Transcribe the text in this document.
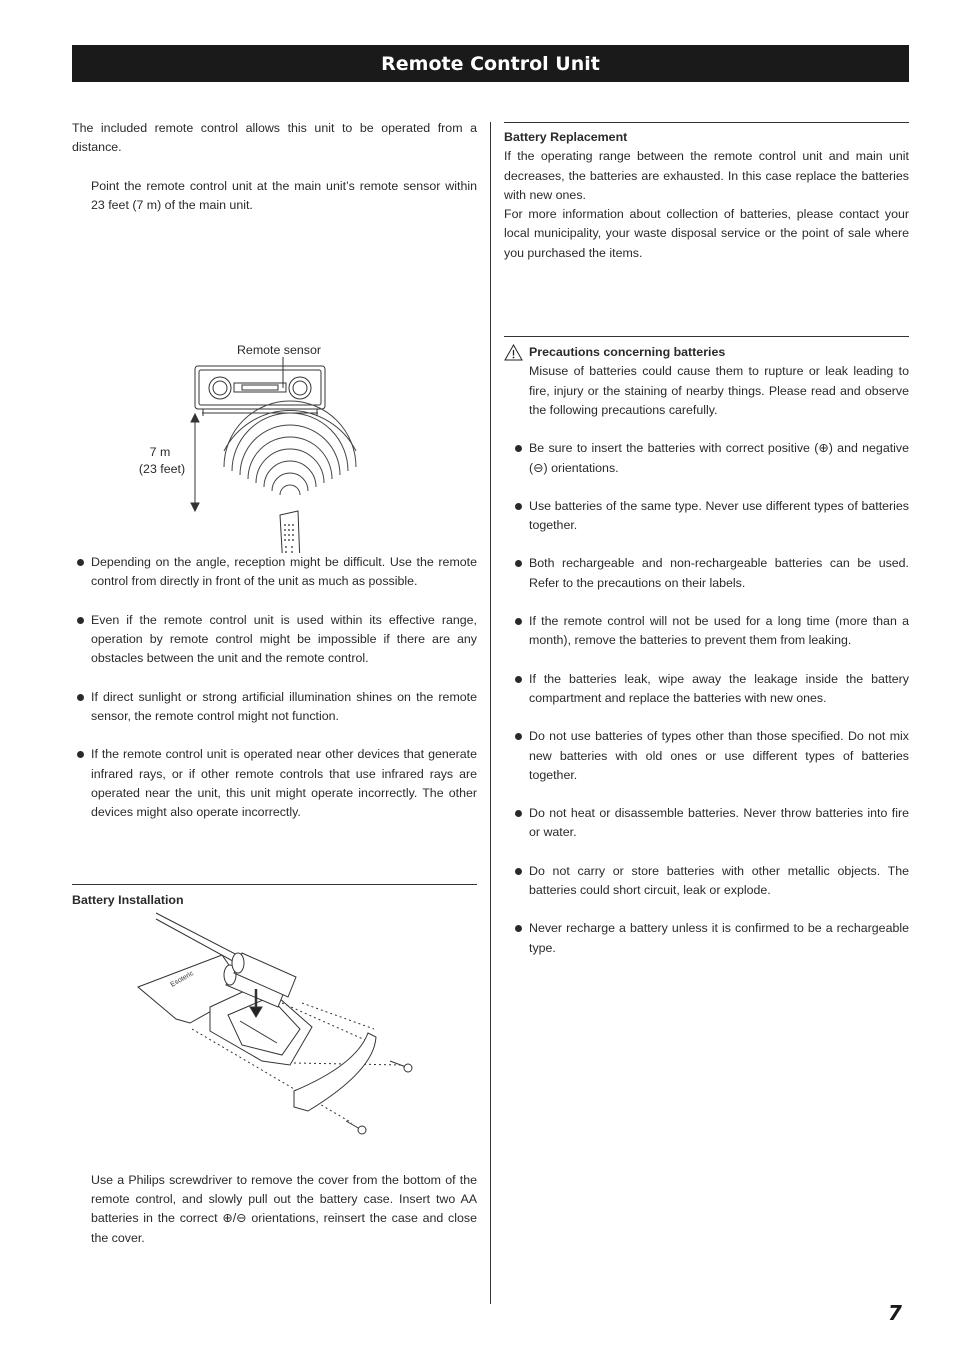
Remote Control Unit

The included remote control allows this unit to be operated from a distance.

Point the remote control unit at the main unit’s remote sensor within 23 feet (7 m) of the main unit.

Remote sensor
7 m
(23 feet)

Depending on the angle, reception might be difficult. Use the remote control from directly in front of the unit as much as possible.

Even if the remote control unit is used within its effective range, operation by remote control might be impossible if there are any obstacles between the unit and the remote control.

If direct sunlight or strong artificial illumination shines on the remote sensor, the remote control might not function.

If the remote control unit is operated near other devices that generate infrared rays, or if other remote controls that use infrared rays are operated near the unit, this unit might operate incorrectly. The other devices might also operate incorrectly.

Battery Installation
Esoteric

Use a Philips screwdriver to remove the cover from the bottom of the remote control, and slowly pull out the battery case. Insert two AA batteries in the correct ⊕/⊖ orientations, reinsert the case and close the cover.

Battery Replacement

If the operating range between the remote control unit and main unit decreases, the batteries are exhausted. In this case replace the batteries with new ones.

For more information about collection of batteries, please contact your local municipality, your waste disposal service or the point of sale where you purchased the items.

Precautions concerning batteries

Misuse of batteries could cause them to rupture or leak leading to fire, injury or the staining of nearby things. Please read and observe the following precautions carefully.

Be sure to insert the batteries with correct positive (⊕) and negative (⊖) orientations.

Use batteries of the same type. Never use different types of batteries together.

Both rechargeable and non-rechargeable batteries can be used. Refer to the precautions on their labels.

If the remote control will not be used for a long time (more than a month), remove the batteries to prevent them from leaking.

If the batteries leak, wipe away the leakage inside the battery compartment and replace the batteries with new ones.

Do not use batteries of types other than those specified. Do not mix new batteries with old ones or use different types of batteries together.

Do not heat or disassemble batteries. Never throw batteries into fire or water.

Do not carry or store batteries with other metallic objects. The batteries could short circuit, leak or explode.

Never recharge a battery unless it is confirmed to be a rechargeable type.

7
